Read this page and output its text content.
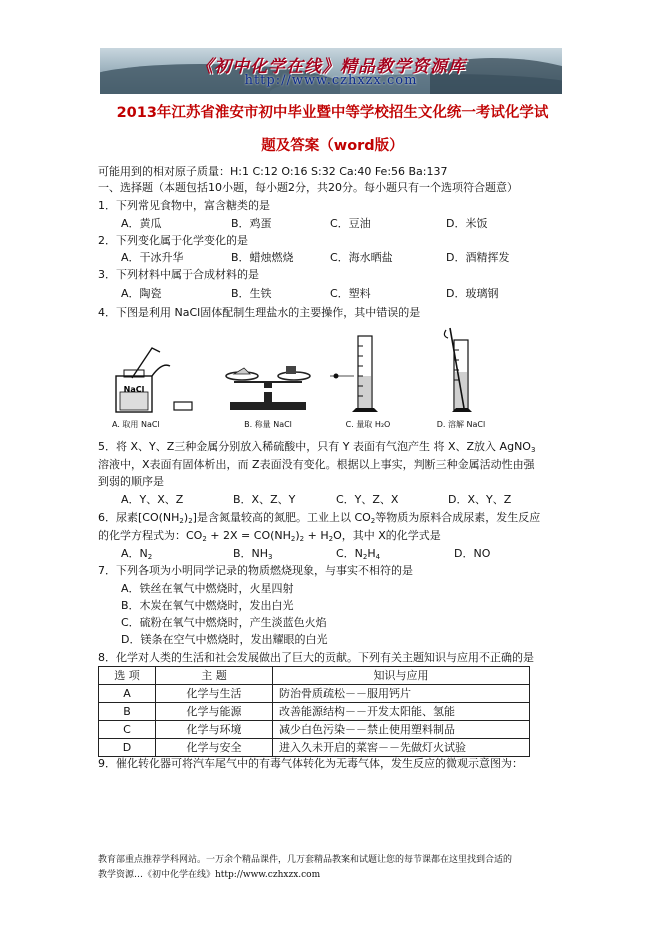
《初中化学在线》精品教学资源库
http://www.czhxzx.com
2013年江苏省淮安市初中毕业暨中等学校招生文化统一考试化学试
题及答案（word版）
可能用到的相对原子质量：H:1 C:12 O:16 S:32 Ca:40 Fe:56 Ba:137
一、选择题（本题包括10小题，每小题2分，共20分。每小题只有一个选项符合题意）
1．下列常见食物中，富含糖类的是
A．黄瓜	B．鸡蛋	C．豆油	D．米饭
2．下列变化属于化学变化的是
A．干冰升华	B．蜡烛燃烧	C．海水晒盐	D．酒精挥发
3．下列材料中属于合成材料的是
A．陶瓷	B．生铁	C．塑料	D．玻璃钢
4．下图是利用 NaCl固体配制生理盐水的主要操作，其中错误的是
NaCl
A. 取用 NaCl	B. 称量 NaCl	C. 量取 H₂O	D. 溶解 NaCl
5．将 X、Y、Z三种金属分别放入稀硫酸中，只有 Y 表面有气泡产生 将 X、Z放入 AgNO$_3$
溶液中，X表面有固体析出，而 Z表面没有变化。根据以上事实，判断三种金属活动性由强
到弱的顺序是
A．Y、X、Z	B．X、Z、Y	C．Y、Z、X	D．X、Y、Z
6．尿素$[CO(NH_2)_2]$是含氮量较高的氮肥。工业上以 $CO_2$等物质为原料合成尿素，发生反应
的化学方程式为：$CO_2 + 2X = CO(NH_2)_2 + H_2O$，其中 X的化学式是
A．$N_2$	B．$NH_3$	C．$N_2H_4$	D．NO
7．下列各项为小明同学记录的物质燃烧现象，与事实不相符的是
A．铁丝在氧气中燃烧时，火星四射
B．木炭在氧气中燃烧时，发出白光
C．硫粉在氧气中燃烧时，产生淡蓝色火焰
D．镁条在空气中燃烧时，发出耀眼的白光
8．化学对人类的生活和社会发展做出了巨大的贡献。下列有关主题知识与应用不正确的是
选 项	主 题	知识与应用
A	化学与生活	防治骨质疏松－－服用钙片
B	化学与能源	改善能源结构－－开发太阳能、氢能
C	化学与环境	减少白色污染－－禁止使用塑料制品
D	化学与安全	进入久未开启的菜窖－－先做灯火试验
9．催化转化器可将汽车尾气中的有毒气体转化为无毒气体，发生反应的微观示意图为：
教育部重点推荐学科网站。一万余个精品课件，几万套精品教案和试题让您的每节课都在这里找到合适的
教学资源…《初中化学在线》http://www.czhxzx.com
